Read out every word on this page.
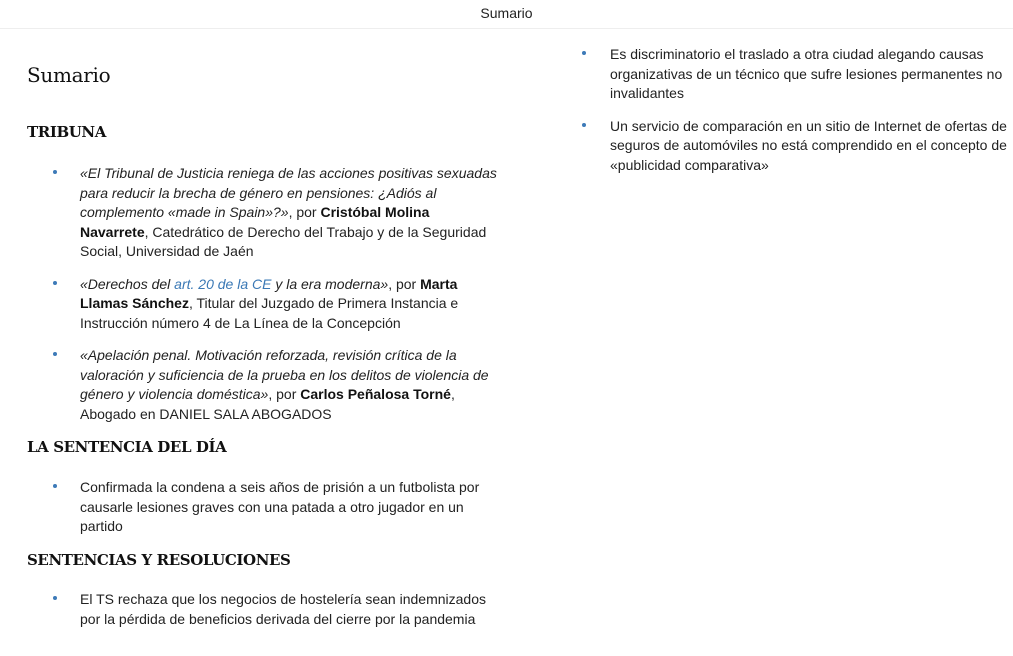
Sumario
Sumario
TRIBUNA
«El Tribunal de Justicia reniega de las acciones positivas sexuadas para reducir la brecha de género en pensiones: ¿Adiós al complemento «made in Spain»?», por Cristóbal Molina Navarrete, Catedrático de Derecho del Trabajo y de la Seguridad Social, Universidad de Jaén
«Derechos del art. 20 de la CE y la era moderna», por Marta Llamas Sánchez, Titular del Juzgado de Primera Instancia e Instrucción número 4 de La Línea de la Concepción
«Apelación penal. Motivación reforzada, revisión crítica de la valoración y suficiencia de la prueba en los delitos de violencia de género y violencia doméstica», por Carlos Peñalosa Torné, Abogado en DANIEL SALA ABOGADOS
LA SENTENCIA DEL DÍA
Confirmada la condena a seis años de prisión a un futbolista por causarle lesiones graves con una patada a otro jugador en un partido
SENTENCIAS Y RESOLUCIONES
El TS rechaza que los negocios de hostelería sean indemnizados por la pérdida de beneficios derivada del cierre por la pandemia
Es discriminatorio el traslado a otra ciudad alegando causas organizativas de un técnico que sufre lesiones permanentes no invalidantes
Un servicio de comparación en un sitio de Internet de ofertas de seguros de automóviles no está comprendido en el concepto de «publicidad comparativa»
